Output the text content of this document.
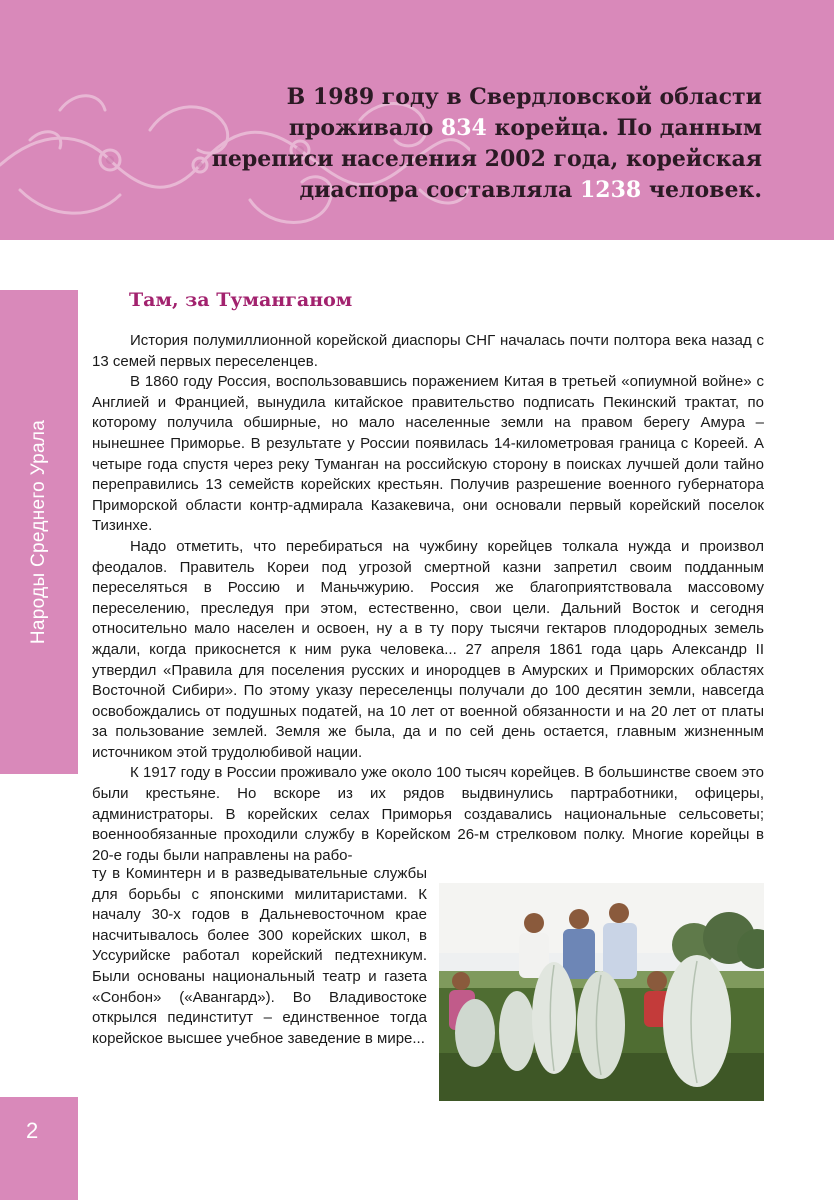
В 1989 году в Свердловской области
проживало 834 корейца. По данным
переписи населения 2002 года, корейская
диаспора составляла 1238 человек.
Народы Среднего Урала
2
Там, за Туманганом

История полумиллионной корейской диаспоры СНГ началась почти полтора века назад с 13 семей первых переселенцев.

В 1860 году Россия, воспользовавшись поражением Китая в третьей «опиумной войне» с Англией и Францией, вынудила китайское правительство подписать Пекинский трактат, по которому получила обширные, но мало населенные земли на правом берегу Амура – нынешнее Приморье. В результате у России появилась 14-километровая граница с Кореей. А четыре года спустя через реку Туманган на российскую сторону в поисках лучшей доли тайно переправились 13 семейств корейских крестьян. Получив разрешение военного губернатора Приморской области контр-адмирала Казакевича, они основали первый корейский поселок Тизинхе.

Надо отметить, что перебираться на чужбину корейцев толкала нужда и произвол феодалов. Правитель Кореи под угрозой смертной казни запретил своим подданным переселяться в Россию и Маньчжурию. Россия же благоприятствовала массовому переселению, преследуя при этом, естественно, свои цели. Дальний Восток и сегодня относительно мало населен и освоен, ну а в ту пору тысячи гектаров плодородных земель ждали, когда прикоснется к ним рука человека... 27 апреля 1861 года царь Александр II утвердил «Правила для поселения русских и инородцев в Амурских и Приморских областях Восточной Сибири». По этому указу переселенцы получали до 100 десятин земли, навсегда освобождались от подушных податей, на 10 лет от военной обязанности и на 20 лет от платы за пользование землей. Земля же была, да и по сей день остается, главным жизненным источником этой трудолюбивой нации.

К 1917 году в России проживало уже около 100 тысяч корейцев. В большинстве своем это были крестьяне. Но вскоре из их рядов выдвинулись партработники, офицеры, администраторы. В корейских селах Приморья создавались национальные сельсоветы; военнообязанные проходили службу в Корейском 26-м стрелковом полку. Многие корейцы в 20-е годы были направлены на рабо-

ту в Коминтерн и в разведывательные службы для борьбы с японскими милитаристами. К началу 30-х годов в Дальневосточном крае насчитывалось более 300 корейских школ, в Уссурийске работал корейский педтехникум. Были основаны национальный театр и газета «Сонбон» («Авангард»). Во Владивостоке открылся пединститут – единственное тогда корейское высшее учебное заведение в мире...
